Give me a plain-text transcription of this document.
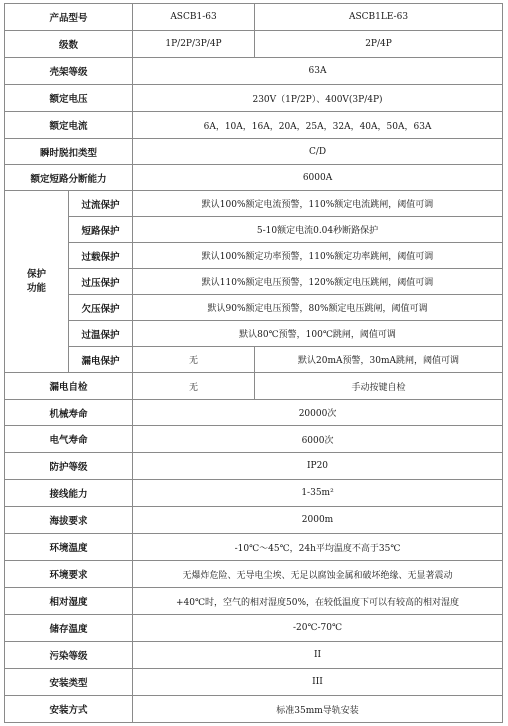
产品型号		ASCB1-63	ASCB1LE-63
级数		1P/2P/3P/4P	2P/4P
壳架等级		63A	
额定电压		230V（1P/2P）、400V(3P/4P)	
额定电流		6A，10A，16A，20A，25A，32A，40A，50A，63A	
瞬时脱扣类型		C/D	
额定短路分断能力		6000A	
保护
功能	过流保护	默认100%额定电流预警，110%额定电流跳闸，阈值可调	
	短路保护	5-10额定电流0.04秒断路保护	
	过载保护	默认100%额定功率预警，110%额定功率跳闸，阈值可调	
	过压保护	默认110%额定电压预警，120%额定电压跳闸，阈值可调	
	欠压保护	默认90%额定电压预警，80%额定电压跳闸，阈值可调	
	过温保护	默认80℃预警，100℃跳闸，阈值可调	
	漏电保护	无	默认20mA预警，30mA跳闸，阈值可调
漏电自检		无	手动按键自检
机械寿命		20000次	
电气寿命		6000次	
防护等级		IP20	
接线能力		1-35m²	
海拔要求		2000m	
环境温度		-10℃～45℃，24h平均温度不高于35℃	
环境要求		无爆炸危险、无导电尘埃、无足以腐蚀金属和破坏绝缘、无显著震动	
相对湿度		+40℃时，空气的相对湿度50%，在较低温度下可以有较高的相对湿度	
储存温度		-20℃-70℃	
污染等级		II	
安装类型		III	
安装方式		标准35mm导轨安装	
